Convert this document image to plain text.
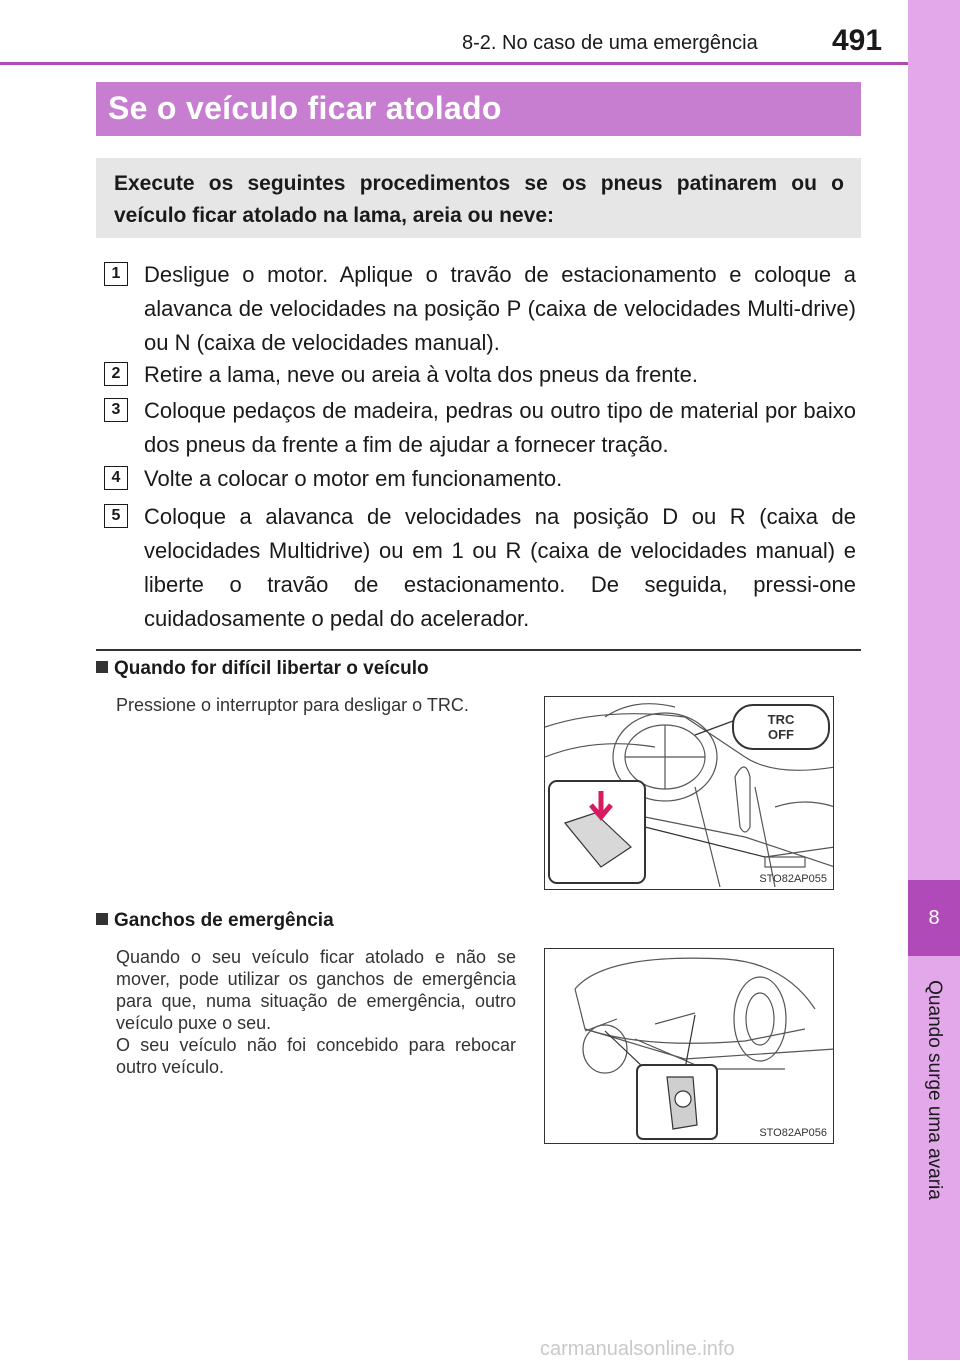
8
Quando surge uma avaria
8-2. No caso de uma emergência 491
Se o veículo ficar atolado

Execute os seguintes procedimentos se os pneus patinarem ou o veículo ficar atolado na lama, areia ou neve:

1	Desligue o motor. Aplique o travão de estacionamento e coloque a alavanca de velocidades na posição P (caixa de velocidades Multi-drive) ou N (caixa de velocidades manual).
2	Retire a lama, neve ou areia à volta dos pneus da frente.
3	Coloque pedaços de madeira, pedras ou outro tipo de material por baixo dos pneus da frente a fim de ajudar a fornecer tração.
4	Volte a colocar o motor em funcionamento.
5	Coloque a alavanca de velocidades na posição D ou R (caixa de velocidades Multidrive) ou em 1 ou R (caixa de velocidades manual) e liberte o travão de estacionamento. De seguida, pressi-one cuidadosamente o pedal do acelerador.
Quando for difícil libertar o veículo
Pressione o interruptor para desligar o TRC.
TRC
OFF
STO82AP055
Ganchos de emergência
Quando o seu veículo ficar atolado e não se mover, pode utilizar os ganchos de emergência para que, numa situação de emergência, outro veículo puxe o seu.
O seu veículo não foi concebido para rebocar outro veículo.
STO82AP056
carmanualsonline.info
